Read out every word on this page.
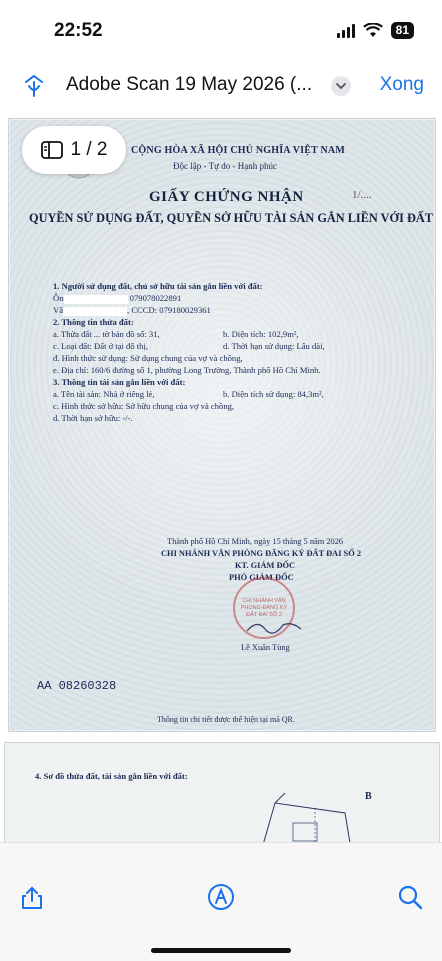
22:52	81
Adobe Scan 19 May 2026 (...	Xong
CỘNG HÒA XÃ HỘI CHỦ NGHĨA VIỆT NAM
Độc lập - Tự do - Hạnh phúc
1/....
GIẤY CHỨNG NHẬN
QUYỀN SỬ DỤNG ĐẤT, QUYỀN SỞ HỮU TÀI SẢN GẮN LIỀN VỚI ĐẤT
1. Người sử dụng đất, chủ sở hữu tài sản gắn liền với đất:
Ôn	079078022891
Vâ	, CCCD: 079180029361
2. Thông tin thửa đất:
a. Thửa đất ... tờ bản đồ số: 31,	b. Diện tích: 102,9m²,
c. Loại đất: Đất ở tại đô thị,	d. Thời hạn sử dụng: Lâu dài,
đ. Hình thức sử dụng: Sử dụng chung của vợ và chồng,
e. Địa chỉ: 160/6 đường số 1, phường Long Trường, Thành phố Hồ Chí Minh.
3. Thông tin tài sản gắn liền với đất:
a. Tên tài sản: Nhà ở riêng lẻ,	b. Diện tích sử dụng: 84,3m²,
c. Hình thức sở hữu: Sở hữu chung của vợ và chồng,
d. Thời hạn sở hữu: -/-.
Thành phố Hồ Chí Minh, ngày 15 tháng 5 năm 2026
CHI NHÁNH VĂN PHÒNG ĐĂNG KÝ ĐẤT ĐAI SỐ 2
KT. GIÁM ĐỐC
PHÓ GIÁM ĐỐC
CHI NHÁNH VĂN PHÒNG ĐĂNG KÝ ĐẤT ĐAI SỐ 2
Lê Xuân Tùng
AA 08260328
Thông tin chi tiết được thể hiện tại mã QR.
1 / 2
4. Sơ đồ thửa đất, tài sản gắn liền với đất:
B
